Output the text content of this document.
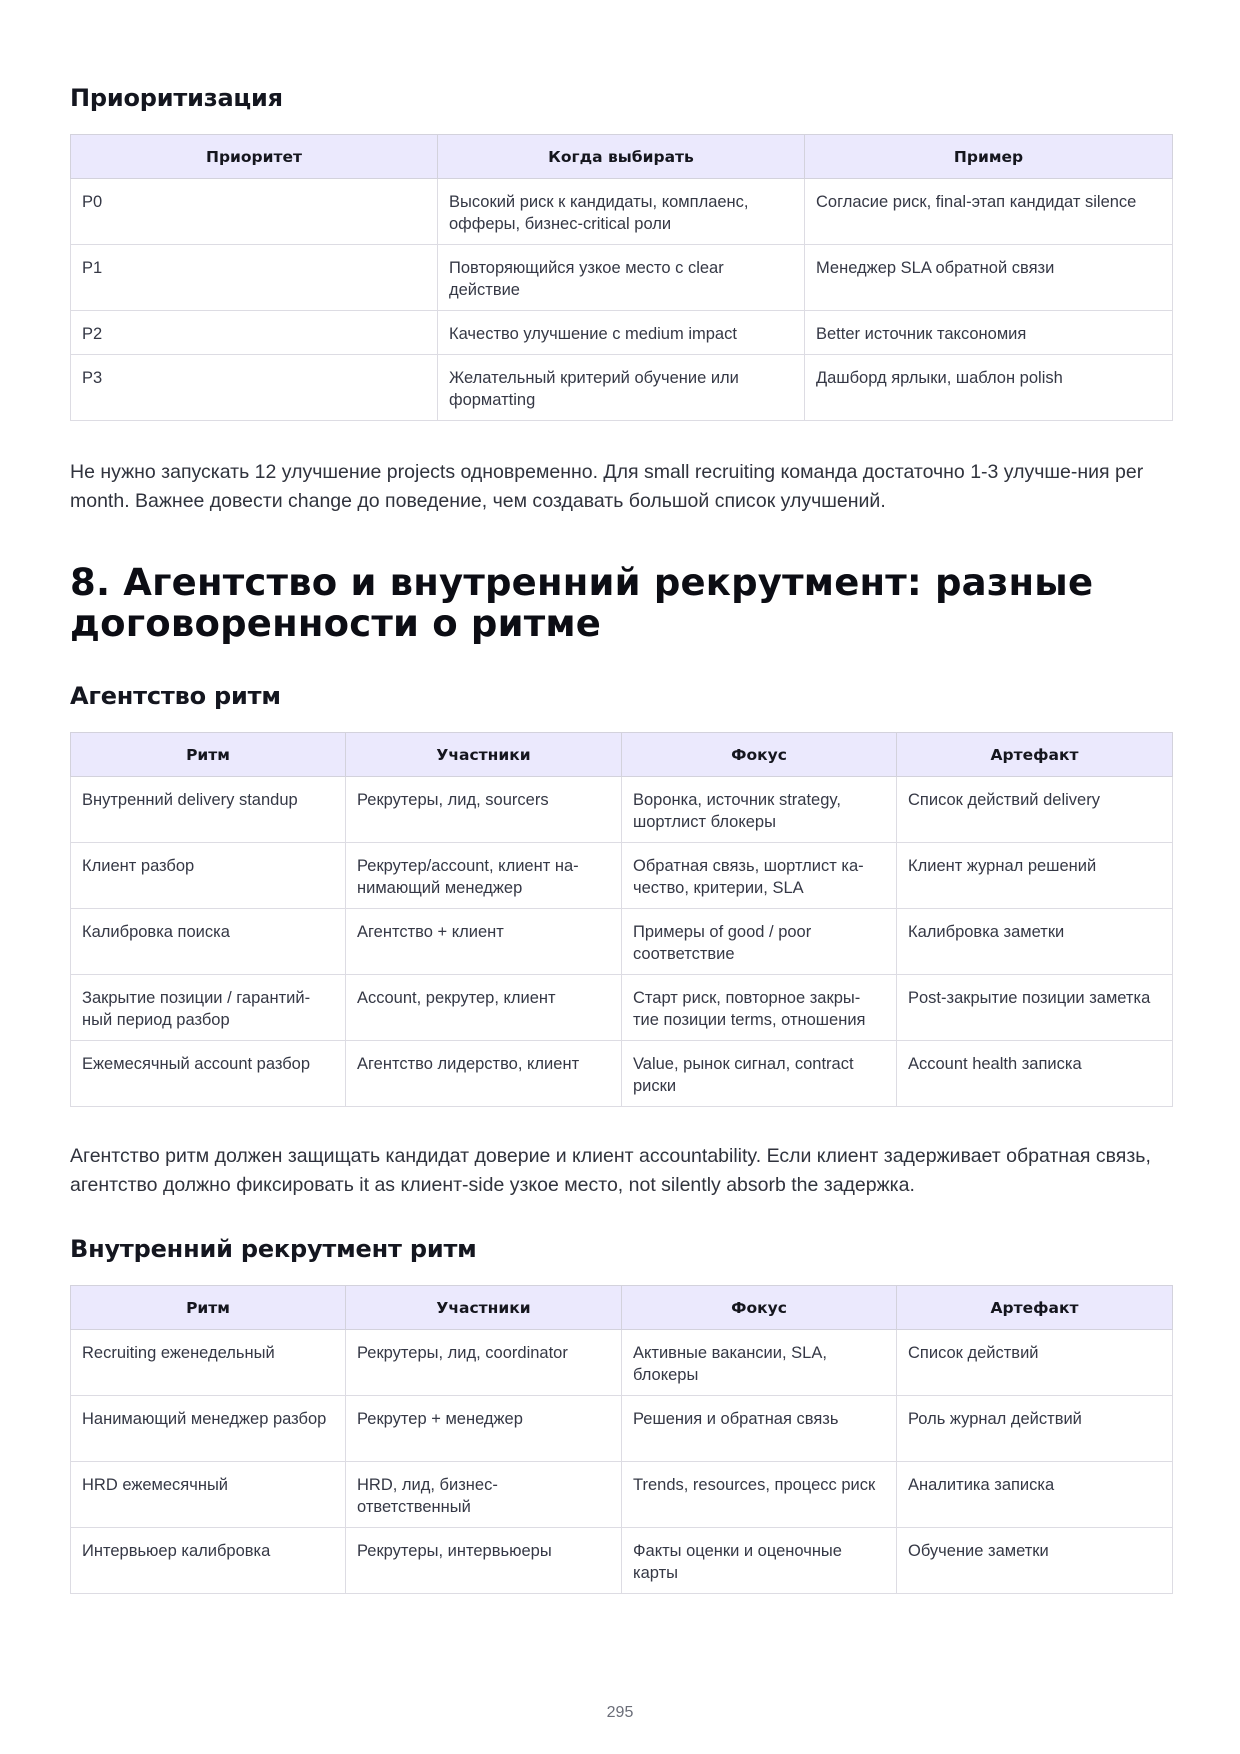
Приоритизация
Приоритет	Когда выбирать	Пример
P0	Высокий риск к кандидаты, комплаенс, офферы, бизнес-critical роли	Согласие риск, final-этап кандидат silence
P1	Повторяющийся узкое место с clear действие	Менеджер SLA обратной связи
P2	Качество улучшение с medium impact	Better источник таксономия
P3	Желательный критерий обучение или форматting	Дашборд ярлыки, шаблон polish

Не нужно запускать 12 улучшение projects одновременно. Для small recruiting команда достаточно 1-3 улучше-ния per month. Важнее довести change до поведение, чем создавать большой список улучшений.

8. Агентство и внутренний рекрутмент: разные договоренности о ритме
Агентство ритм
Ритм	Участники	Фокус	Артефакт
Внутренний delivery standup	Рекрутеры, лид, sourcers	Воронка, источник strategy, шортлист блокеры	Список действий delivery
Клиент разбор	Рекрутер/account, клиент на-нимающий менеджер	Обратная связь, шортлист ка-чество, критерии, SLA	Клиент журнал решений
Калибровка поиска	Агентство + клиент	Примеры of good / poor соответствие	Калибровка заметки
Закрытие позиции / гарантий-ный период разбор	Account, рекрутер, клиент	Старт риск, повторное закры-тие позиции terms, отношения	Post-закрытие позиции заметка
Ежемесячный account разбор	Агентство лидерство, клиент	Value, рынок сигнал, contract риски	Account health записка

Агентство ритм должен защищать кандидат доверие и клиент accountability. Если клиент задерживает обратная связь, агентство должно фиксировать it as клиент-side узкое место, not silently absorb the задержка.

Внутренний рекрутмент ритм
Ритм	Участники	Фокус	Артефакт
Recruiting еженедельный	Рекрутеры, лид, coordinator	Активные вакансии, SLA, блокеры	Список действий
Нанимающий менеджер разбор	Рекрутер + менеджер	Решения и обратная связь	Роль журнал действий
HRD ежемесячный	HRD, лид, бизнес-ответственный	Trends, resources, процесс риск	Аналитика записка
Интервьюер калибровка	Рекрутеры, интервьюеры	Факты оценки и оценочные карты	Обучение заметки
295
